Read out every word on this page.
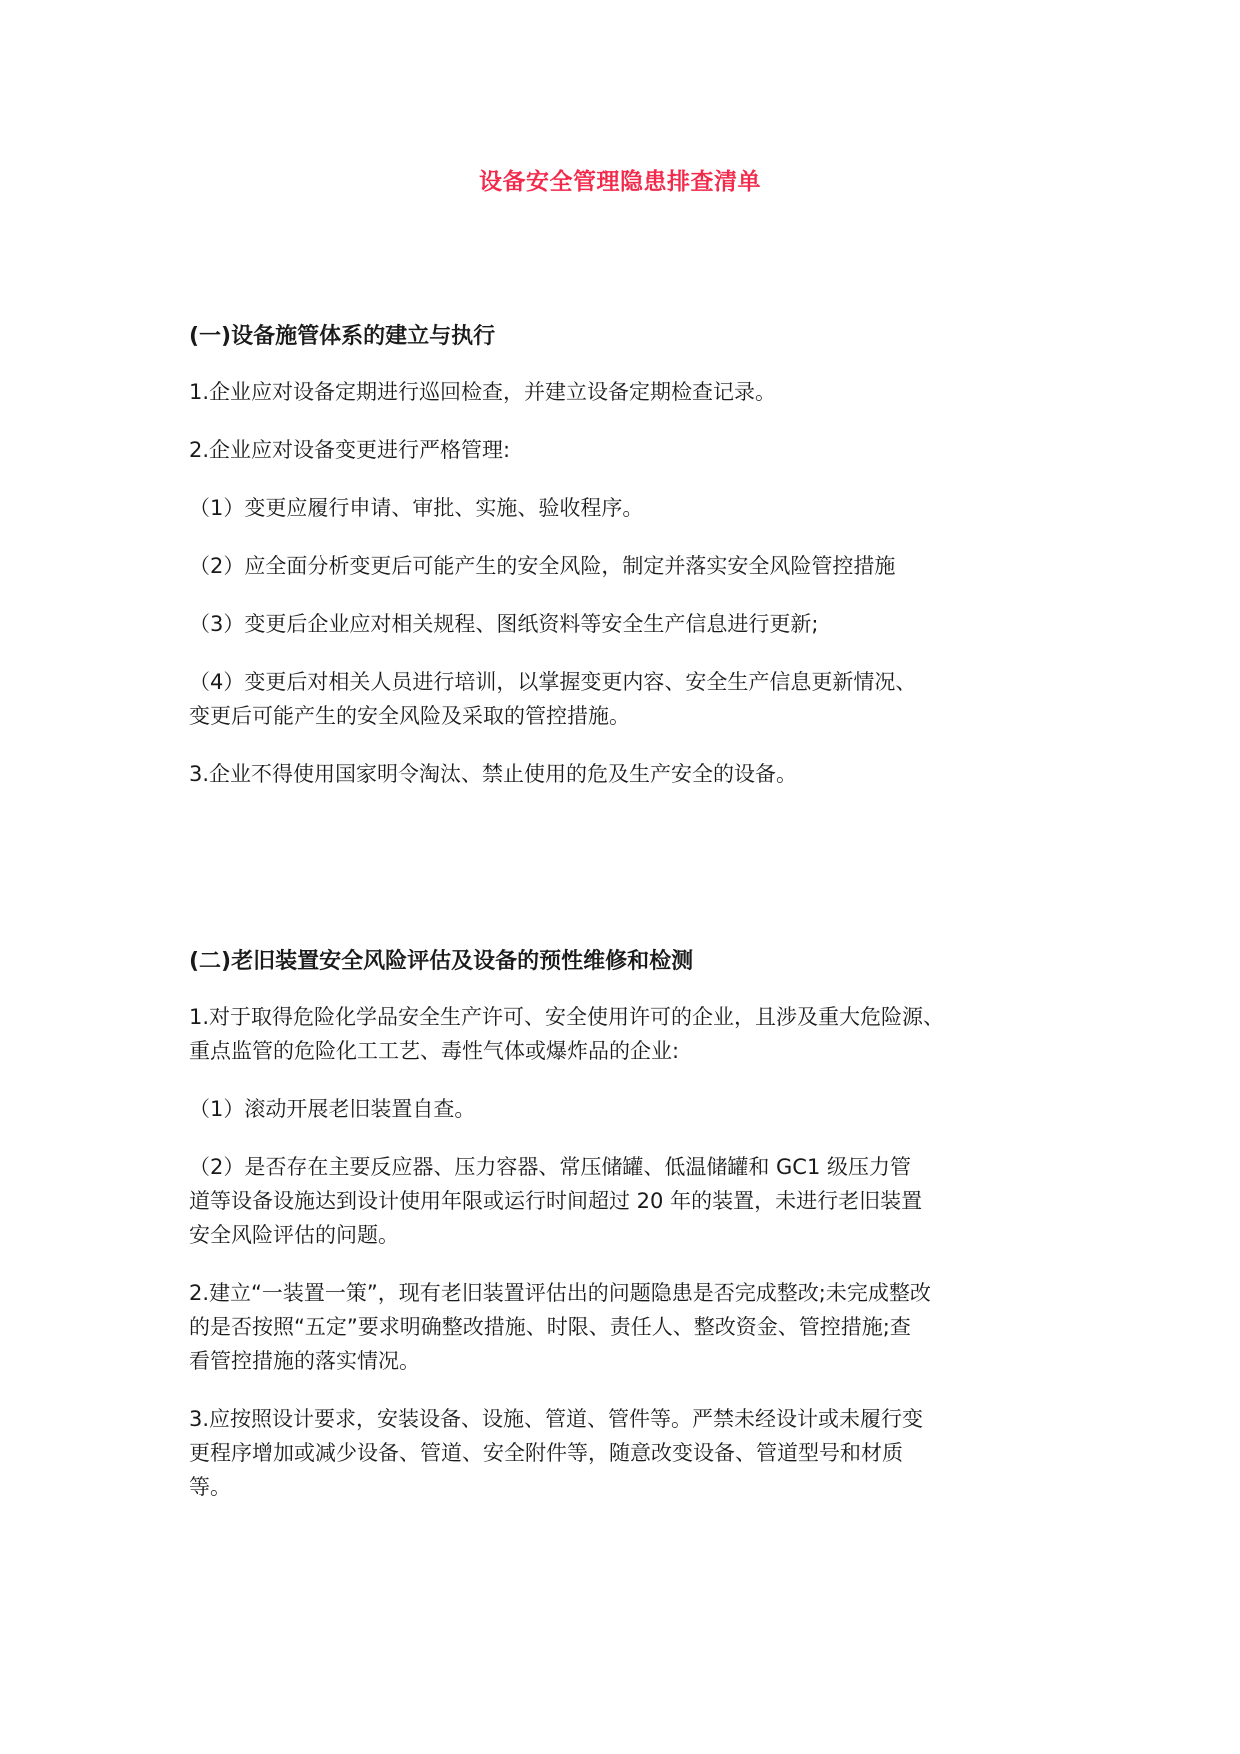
设备安全管理隐患排查清单
(一)设备施管体系的建立与执行

1.企业应对设备定期进行巡回检查，并建立设备定期检查记录。

2.企业应对设备变更进行严格管理:

（1）变更应履行申请、审批、实施、验收程序。

（2）应全面分析变更后可能产生的安全风险，制定并落实安全风险管控措施

（3）变更后企业应对相关规程、图纸资料等安全生产信息进行更新;

（4）变更后对相关人员进行培训，以掌握变更内容、安全生产信息更新情况、
变更后可能产生的安全风险及采取的管控措施。

3.企业不得使用国家明令淘汰、禁止使用的危及生产安全的设备。

(二)老旧装置安全风险评估及设备的预性维修和检测

1.对于取得危险化学品安全生产许可、安全使用许可的企业，且涉及重大危险源、
重点监管的危险化工工艺、毒性气体或爆炸品的企业:

（1）滚动开展老旧装置自查。

（2）是否存在主要反应器、压力容器、常压储罐、低温储罐和 GC1 级压力管
道等设备设施达到设计使用年限或运行时间超过 20 年的装置，未进行老旧装置
安全风险评估的问题。

2.建立“一装置一策”，现有老旧装置评估出的问题隐患是否完成整改;未完成整改
的是否按照“五定”要求明确整改措施、时限、责任人、整改资金、管控措施;查
看管控措施的落实情况。

3.应按照设计要求，安装设备、设施、管道、管件等。严禁未经设计或未履行变
更程序增加或减少设备、管道、安全附件等，随意改变设备、管道型号和材质
等。
